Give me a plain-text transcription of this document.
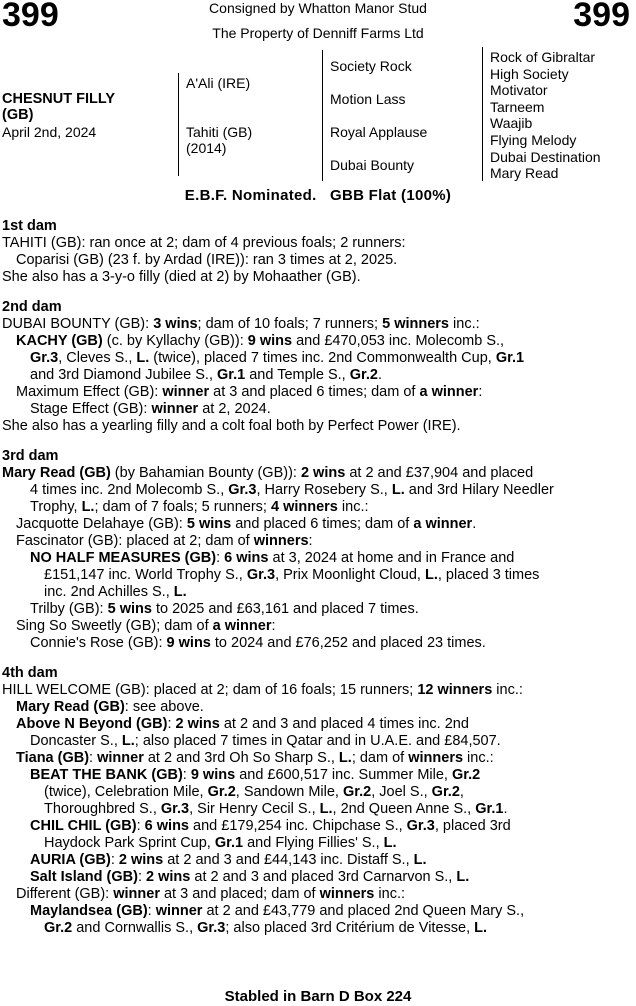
399	399
Consigned by Whatton Manor Stud
The Property of Denniff Farms Ltd
CHESNUT FILLY
(GB)
April 2nd, 2024
A'Ali (IRE)
Tahiti (GB)
(2014)
Society Rock
Motion Lass
Royal Applause
Dubai Bounty
Rock of Gibraltar
High Society
Motivator
Tarneem
Waajib
Flying Melody
Dubai Destination
Mary Read
E.B.F. Nominated. GBB Flat (100%)
1st dam
TAHITI (GB): ran once at 2; dam of 4 previous foals; 2 runners:
Coparisi (GB) (23 f. by Ardad (IRE)): ran 3 times at 2, 2025.
She also has a 3-y-o filly (died at 2) by Mohaather (GB).
2nd dam
DUBAI BOUNTY (GB): 3 wins; dam of 10 foals; 7 runners; 5 winners inc.:
KACHY (GB) (c. by Kyllachy (GB)): 9 wins and £470,053 inc. Molecomb S.,
Gr.3, Cleves S., L. (twice), placed 7 times inc. 2nd Commonwealth Cup, Gr.1
and 3rd Diamond Jubilee S., Gr.1 and Temple S., Gr.2.
Maximum Effect (GB): winner at 3 and placed 6 times; dam of a winner:
Stage Effect (GB): winner at 2, 2024.
She also has a yearling filly and a colt foal both by Perfect Power (IRE).
3rd dam
Mary Read (GB) (by Bahamian Bounty (GB)): 2 wins at 2 and £37,904 and placed
4 times inc. 2nd Molecomb S., Gr.3, Harry Rosebery S., L. and 3rd Hilary Needler
Trophy, L.; dam of 7 foals; 5 runners; 4 winners inc.:
Jacquotte Delahaye (GB): 5 wins and placed 6 times; dam of a winner.
Fascinator (GB): placed at 2; dam of winners:
NO HALF MEASURES (GB): 6 wins at 3, 2024 at home and in France and
£151,147 inc. World Trophy S., Gr.3, Prix Moonlight Cloud, L., placed 3 times
inc. 2nd Achilles S., L.
Trilby (GB): 5 wins to 2025 and £63,161 and placed 7 times.
Sing So Sweetly (GB); dam of a winner:
Connie's Rose (GB): 9 wins to 2024 and £76,252 and placed 23 times.
4th dam
HILL WELCOME (GB): placed at 2; dam of 16 foals; 15 runners; 12 winners inc.:
Mary Read (GB): see above.
Above N Beyond (GB): 2 wins at 2 and 3 and placed 4 times inc. 2nd
Doncaster S., L.; also placed 7 times in Qatar and in U.A.E. and £84,507.
Tiana (GB): winner at 2 and 3rd Oh So Sharp S., L.; dam of winners inc.:
BEAT THE BANK (GB): 9 wins and £600,517 inc. Summer Mile, Gr.2
(twice), Celebration Mile, Gr.2, Sandown Mile, Gr.2, Joel S., Gr.2,
Thoroughbred S., Gr.3, Sir Henry Cecil S., L., 2nd Queen Anne S., Gr.1.
CHIL CHIL (GB): 6 wins and £179,254 inc. Chipchase S., Gr.3, placed 3rd
Haydock Park Sprint Cup, Gr.1 and Flying Fillies' S., L.
AURIA (GB): 2 wins at 2 and 3 and £44,143 inc. Distaff S., L.
Salt Island (GB): 2 wins at 2 and 3 and placed 3rd Carnarvon S., L.
Different (GB): winner at 3 and placed; dam of winners inc.:
Maylandsea (GB): winner at 2 and £43,779 and placed 2nd Queen Mary S.,
Gr.2 and Cornwallis S., Gr.3; also placed 3rd Critérium de Vitesse, L.
Stabled in Barn D Box 224
